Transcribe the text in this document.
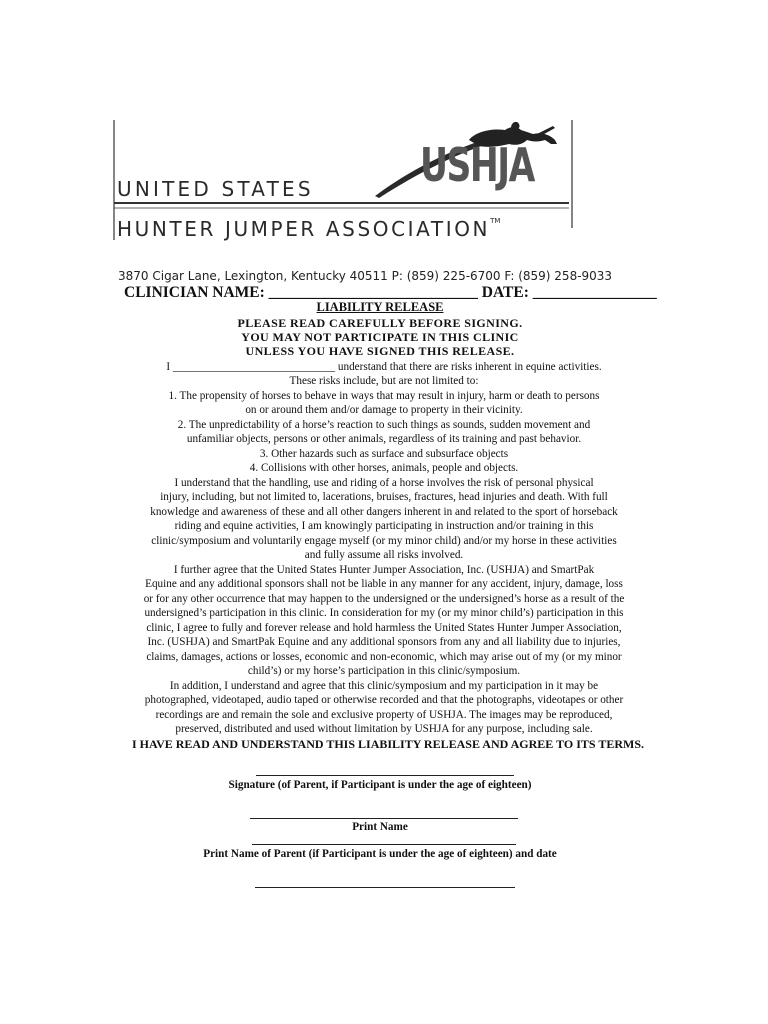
UNITED STATES
HUNTER JUMPER ASSOCIATION™
USHJA
3870 Cigar Lane, Lexington, Kentucky 40511 P: (859) 225-6700 F: (859) 258-9033
CLINICIAN NAME: ___________________________ DATE: ________________
LIABILITY RELEASE
PLEASE READ CAREFULLY BEFORE SIGNING.
YOU MAY NOT PARTICIPATE IN THIS CLINIC
UNLESS YOU HAVE SIGNED THIS RELEASE.
I _____________________________ understand that there are risks inherent in equine activities.
These risks include, but are not limited to:
1. The propensity of horses to behave in ways that may result in injury, harm or death to persons
on or around them and/or damage to property in their vicinity.
2. The unpredictability of a horse’s reaction to such things as sounds, sudden movement and
unfamiliar objects, persons or other animals, regardless of its training and past behavior.
3. Other hazards such as surface and subsurface objects
4. Collisions with other horses, animals, people and objects.
I understand that the handling, use and riding of a horse involves the risk of personal physical
injury, including, but not limited to, lacerations, bruises, fractures, head injuries and death. With full
knowledge and awareness of these and all other dangers inherent in and related to the sport of horseback
riding and equine activities, I am knowingly participating in instruction and/or training in this
clinic/symposium and voluntarily engage myself (or my minor child) and/or my horse in these activities
and fully assume all risks involved.
I further agree that the United States Hunter Jumper Association, Inc. (USHJA) and SmartPak
Equine and any additional sponsors shall not be liable in any manner for any accident, injury, damage, loss
or for any other occurrence that may happen to the undersigned or the undersigned’s horse as a result of the
undersigned’s participation in this clinic. In consideration for my (or my minor child’s) participation in this
clinic, I agree to fully and forever release and hold harmless the United States Hunter Jumper Association,
Inc. (USHJA) and SmartPak Equine and any additional sponsors from any and all liability due to injuries,
claims, damages, actions or losses, economic and non-economic, which may arise out of my (or my minor
child’s) or my horse’s participation in this clinic/symposium.
In addition, I understand and agree that this clinic/symposium and my participation in it may be
photographed, videotaped, audio taped or otherwise recorded and that the photographs, videotapes or other
recordings are and remain the sole and exclusive property of USHJA. The images may be reproduced,
preserved, distributed and used without limitation by USHJA for any purpose, including sale.
I HAVE READ AND UNDERSTAND THIS LIABILITY RELEASE AND AGREE TO ITS TERMS.
Signature (of Parent, if Participant is under the age of eighteen)
Print Name
Print Name of Parent (if Participant is under the age of eighteen) and date
